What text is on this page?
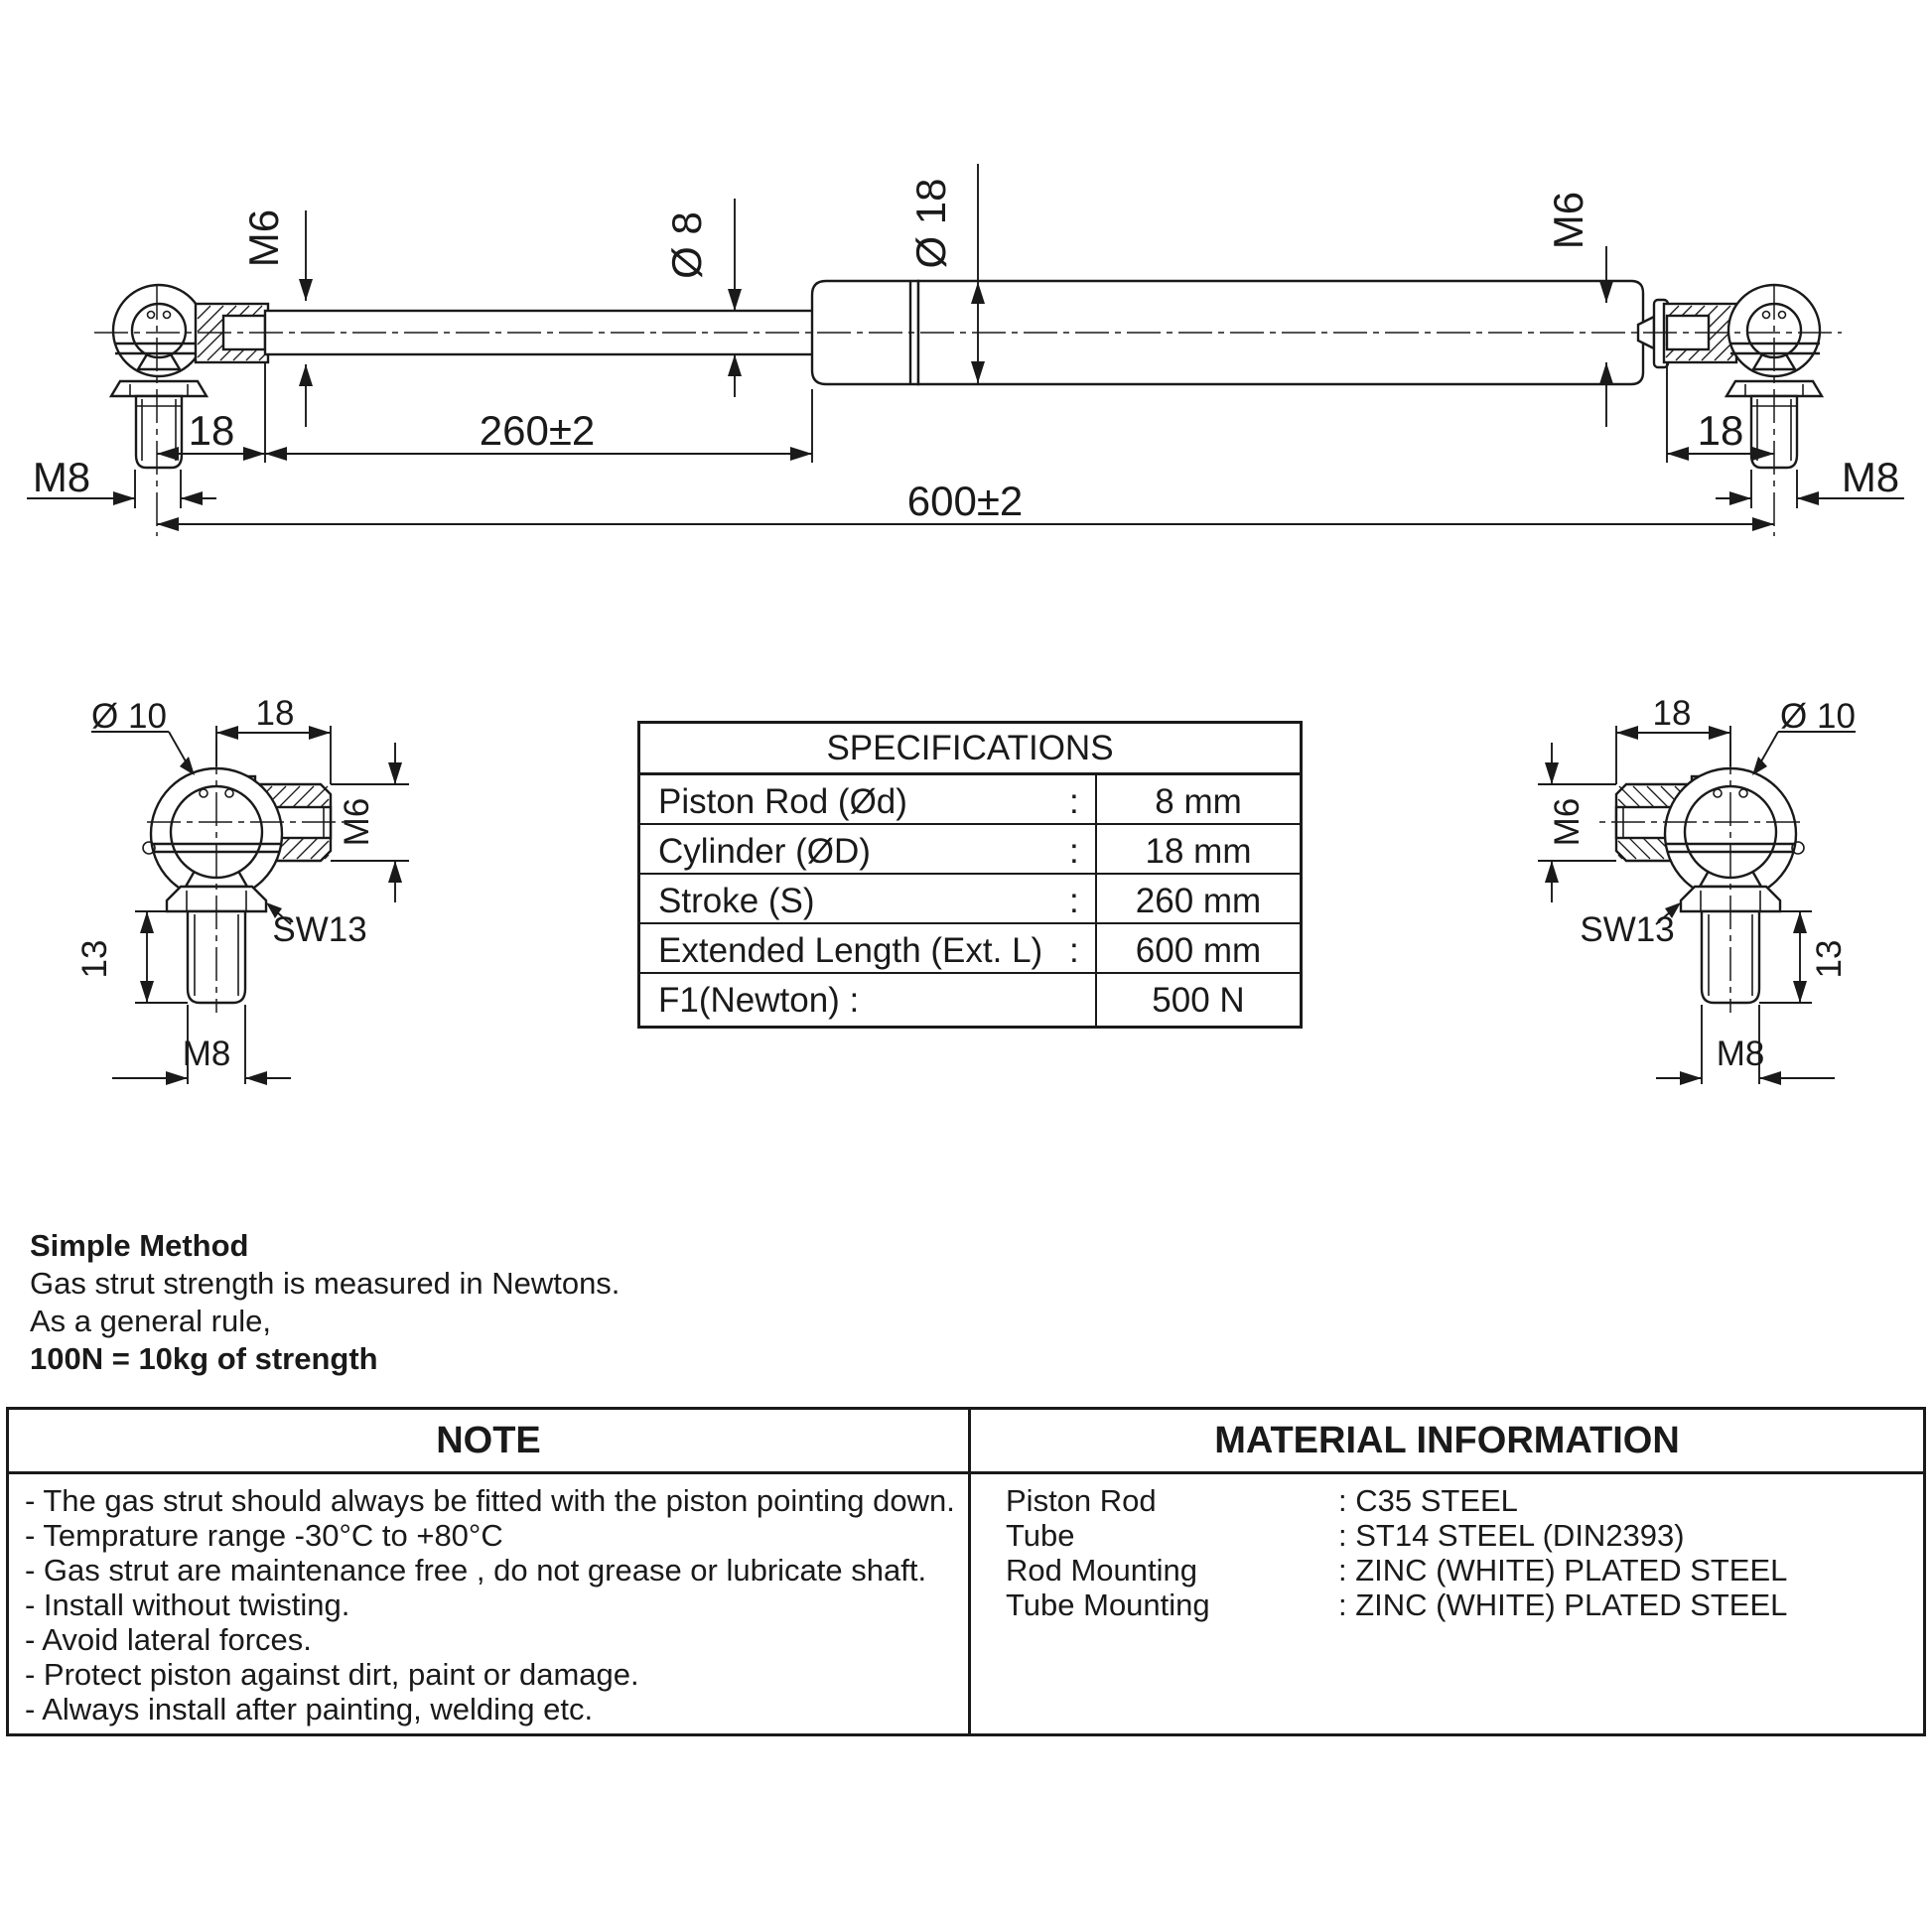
M6	Ø 8	Ø 18	M6
18	260±2	18
M8	M8
600±2
Ø 10	18
M6
SW13
13
M8
Ø 10
18
M6
SW13
13
M8
SPECIFICATIONS
Piston Rod (Ød)	:	8 mm
Cylinder (ØD)	:	18 mm
Stroke (S)	:	260 mm
Extended Length (Ext. L) :	600 mm
F1(Newton) :	500 N
Simple Method
Gas strut strength is measured in Newtons.
As a general rule,
100N = 10kg of strength
NOTE	MATERIAL INFORMATION
- The gas strut should always be fitted with the piston pointing down.
- Temprature range -30°C to +80°C
- Gas strut are maintenance free , do not grease or lubricate shaft.
- Install without twisting.
- Avoid lateral forces.
- Protect piston against dirt, paint or damage.
- Always install after painting, welding etc.
Piston Rod	: C35 STEEL
Tube	: ST14 STEEL (DIN2393)
Rod Mounting	: ZINC (WHITE) PLATED STEEL
Tube Mounting	: ZINC (WHITE) PLATED STEEL
